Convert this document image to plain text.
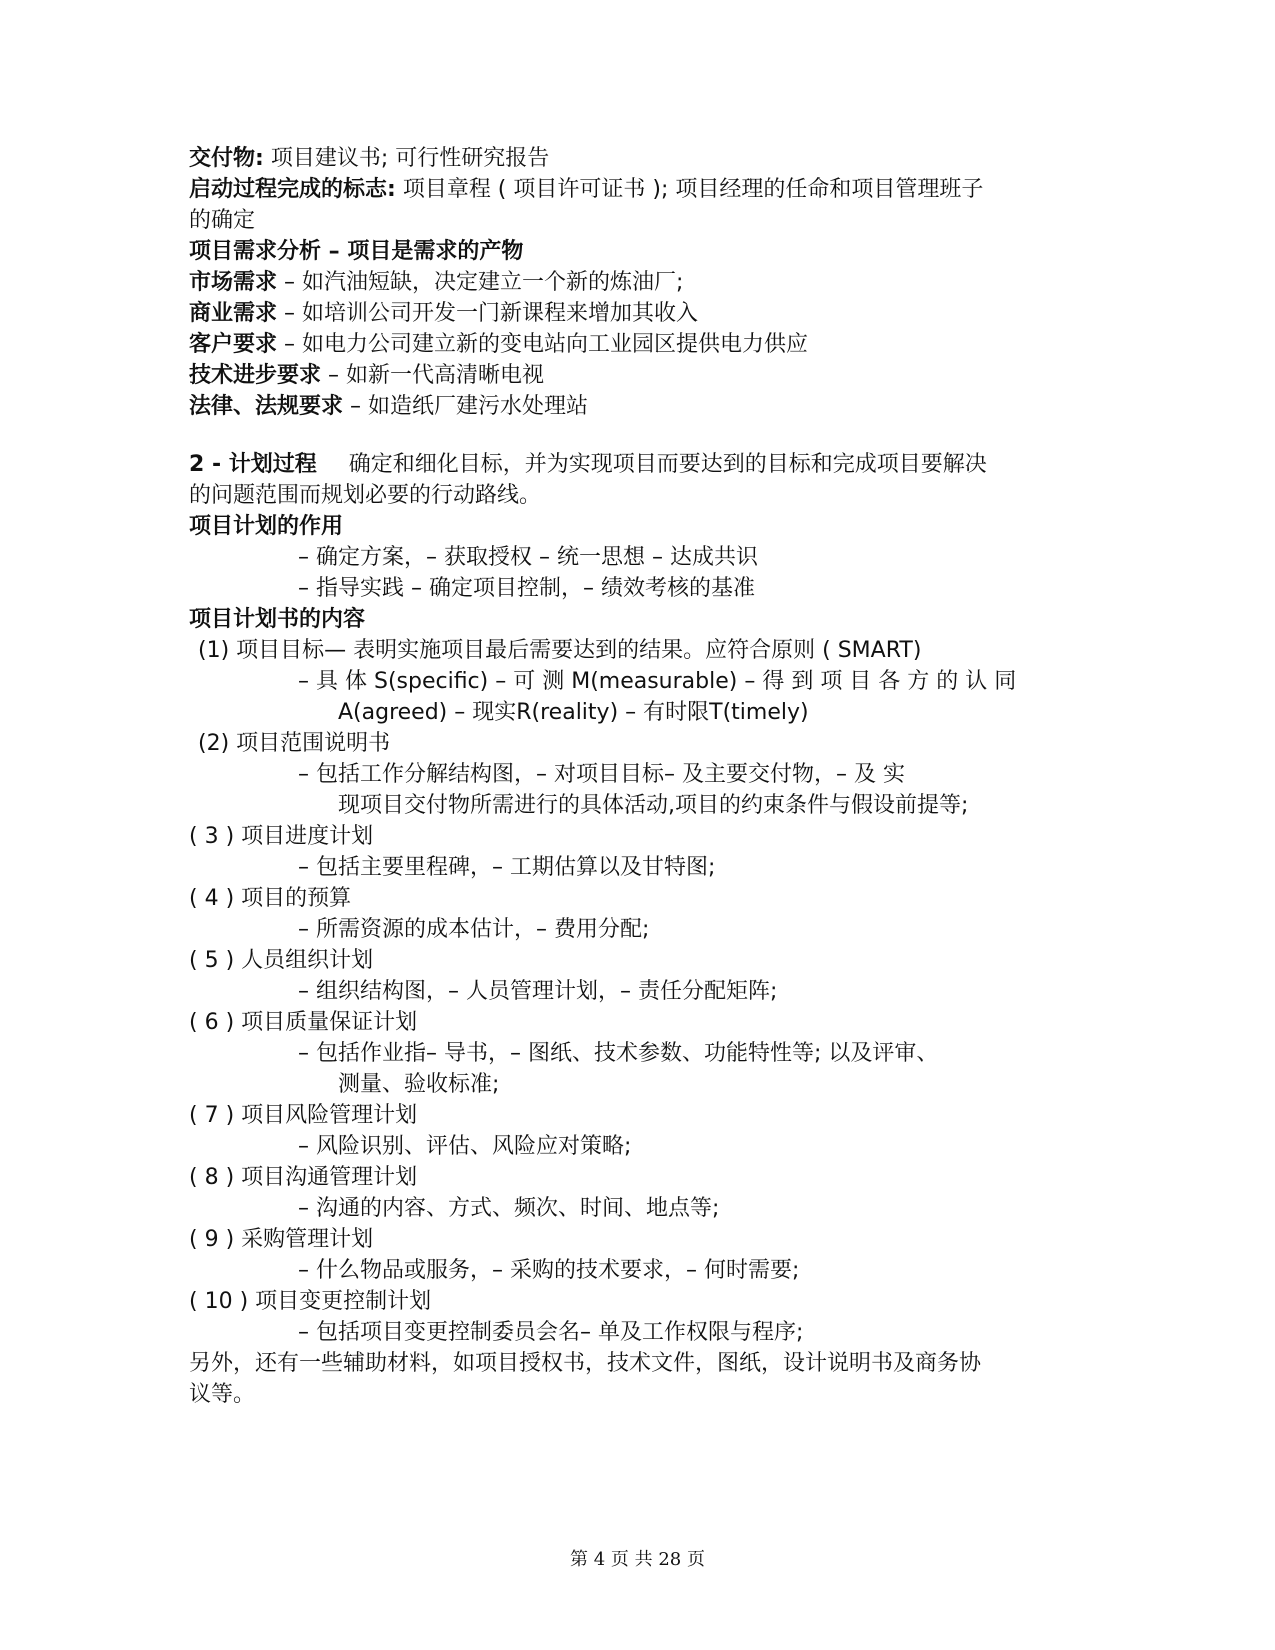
交付物: 项目建议书; 可行性研究报告
启动过程完成的标志: 项目章程 ( 项目许可证书 ); 项目经理的任命和项目管理班子
的确定
项目需求分析 – 项目是需求的产物
市场需求 – 如汽油短缺，决定建立一个新的炼油厂;
商业需求 – 如培训公司开发一门新课程来增加其收入
客户要求 – 如电力公司建立新的变电站向工业园区提供电力供应
技术进步要求 – 如新一代高清晰电视
法律、法规要求 – 如造纸厂建污水处理站
2 - 计划过程 确定和细化目标，并为实现项目而要达到的目标和完成项目要解决
的问题范围而规划必要的行动路线。
项目计划的作用
– 确定方案，– 获取授权 – 统一思想 – 达成共识
– 指导实践 – 确定项目控制，– 绩效考核的基准
项目计划书的内容
(1) 项目目标— 表明实施项目最后需要达到的结果。应符合原则 ( SMART)
– 具 体 S(specific) – 可 测 M(measurable) – 得 到 项 目 各 方 的 认 同
A(agreed) – 现实R(reality) – 有时限T(timely)
(2) 项目范围说明书
– 包括工作分解结构图，– 对项目目标– 及主要交付物，– 及 实
现项目交付物所需进行的具体活动,项目的约束条件与假设前提等;
( 3 ) 项目进度计划
– 包括主要里程碑，– 工期估算以及甘特图;
( 4 ) 项目的预算
– 所需资源的成本估计，– 费用分配;
( 5 ) 人员组织计划
– 组织结构图，– 人员管理计划，– 责任分配矩阵;
( 6 ) 项目质量保证计划
– 包括作业指– 导书，– 图纸、技术参数、功能特性等; 以及评审、
测量、验收标准;
( 7 ) 项目风险管理计划
– 风险识别、评估、风险应对策略;
( 8 ) 项目沟通管理计划
– 沟通的内容、方式、频次、时间、地点等;
( 9 ) 采购管理计划
– 什么物品或服务，– 采购的技术要求，– 何时需要;
( 10 ) 项目变更控制计划
– 包括项目变更控制委员会名– 单及工作权限与程序;
另外，还有一些辅助材料，如项目授权书，技术文件，图纸，设计说明书及商务协
议等。
第 4 页 共 28 页
